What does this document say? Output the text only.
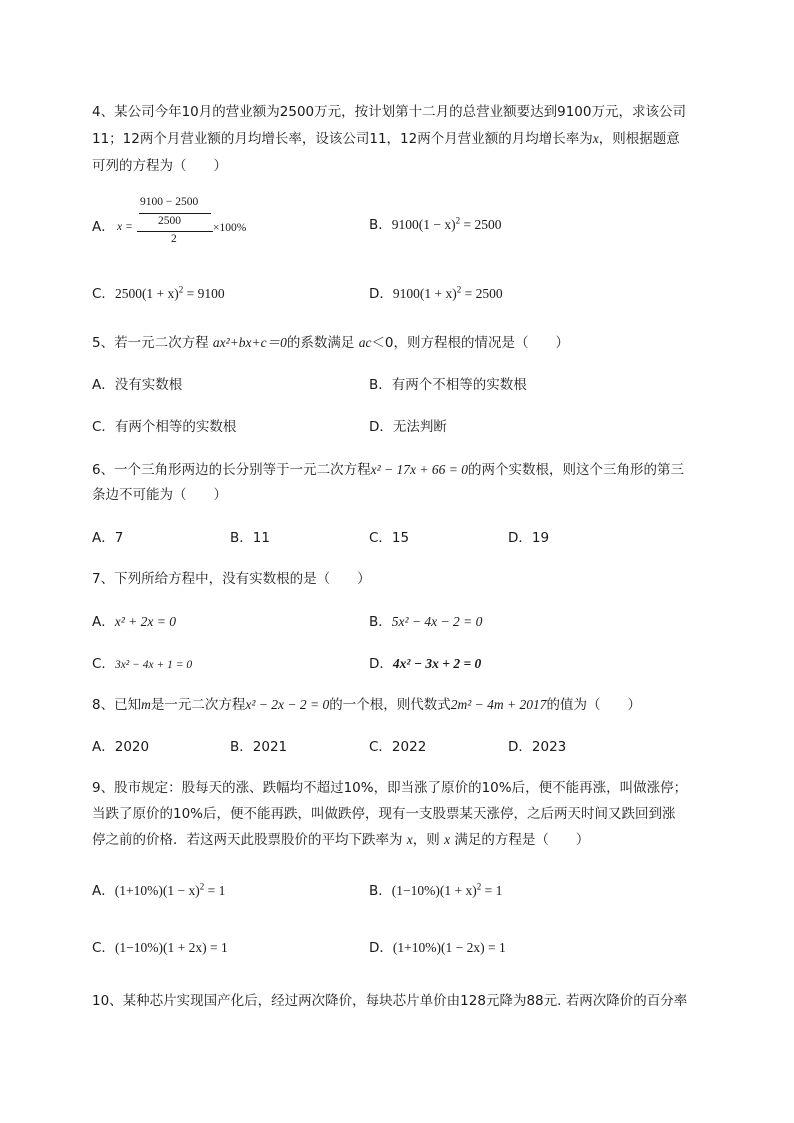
4、某公司今年10月的营业额为2500万元，按计划第十二月的总营业额要达到9100万元，求该公司
11；12两个月营业额的月均增长率，设该公司11，12两个月营业额的月均增长率为x，则根据题意
可列的方程为（　　）
A． x =
9100 − 2500
2500
2
×100%	B．$9100(1 - x)^2 = 2500$
C．$2500(1 + x)^2 = 9100$	D．$9100(1 + x)^2 = 2500$
5、若一元二次方程 ax²+bx+c＝0的系数满足 ac＜0，则方程根的情况是（　　）
A．没有实数根	B．有两个不相等的实数根
C．有两个相等的实数根	D．无法判断
6、一个三角形两边的长分别等于一元二次方程x² − 17x + 66 = 0的两个实数根，则这个三角形的第三
条边不可能为（　　）
A．7	B．11	C．15	D．19
7、下列所给方程中，没有实数根的是（　　）
A．x² + 2x = 0	B．5x² − 4x − 2 = 0
C．3x² − 4x + 1 = 0	D．4x² − 3x + 2 = 0
8、已知m是一元二次方程x² − 2x − 2 = 0的一个根，则代数式2m² − 4m + 2017的值为（　　）
A．2020	B．2021	C．2022	D．2023
9、股市规定：股每天的涨、跌幅均不超过10%，即当涨了原价的10%后，便不能再涨，叫做涨停；
当跌了原价的10%后，便不能再跌，叫做跌停，现有一支股票某天涨停，之后两天时间又跌回到涨
停之前的价格．若这两天此股票股价的平均下跌率为 x，则 x 满足的方程是（　　）
A．$(1+10\%)(1 - x)^2 = 1$	B．$(1-10\%)(1 + x)^2 = 1$
C．(1−10%)(1 + 2x) = 1	D．(1+10%)(1 − 2x) = 1
10、某种芯片实现国产化后，经过两次降价，每块芯片单价由128元降为88元. 若两次降价的百分率
